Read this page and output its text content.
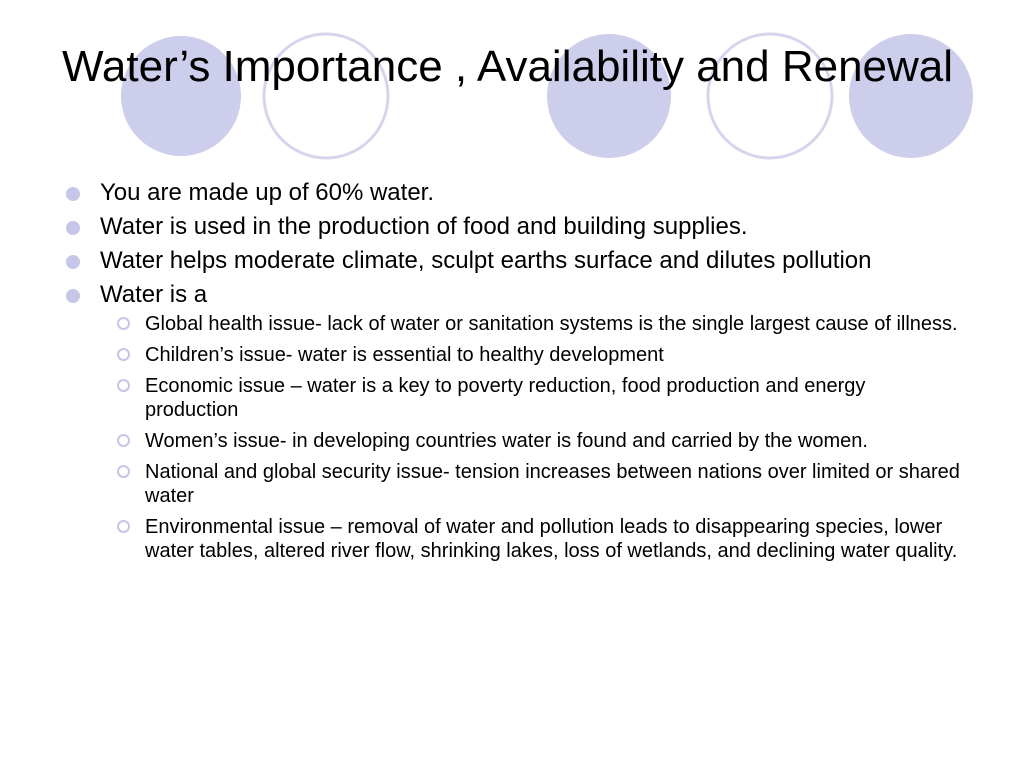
Water’s Importance , Availability and Renewal
You are made up of 60% water.
Water is used in the production of food and building supplies.
Water helps moderate climate, sculpt earths surface and dilutes pollution
Water is a
Global health issue- lack of water or sanitation systems is the single largest cause of illness.
Children’s issue- water is essential to healthy development
Economic issue – water is a key to poverty reduction, food production and energy production
Women’s issue- in developing countries water is found and carried by the women.
National and global security issue- tension increases between nations over limited or shared water
Environmental issue – removal of water and pollution leads to disappearing species, lower water tables, altered river flow, shrinking lakes, loss of wetlands, and declining water quality.
